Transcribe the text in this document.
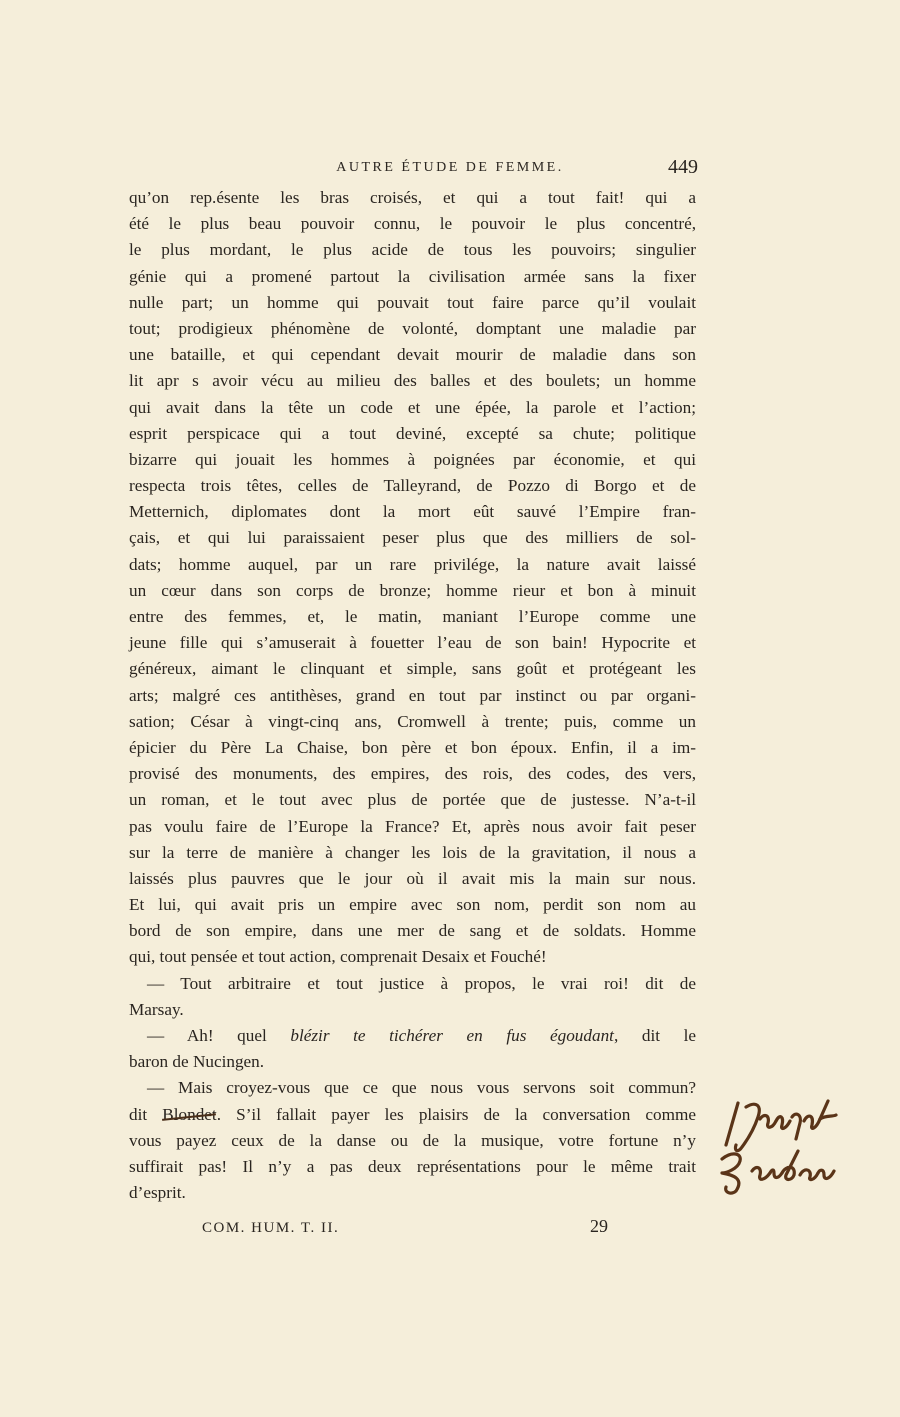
AUTRE ÉTUDE DE FEMME.	449
qu’on rep.ésente les bras croisés, et qui a tout fait! qui a
été le plus beau pouvoir connu, le pouvoir le plus concentré,
le plus mordant, le plus acide de tous les pouvoirs; singulier
génie qui a promené partout la civilisation armée sans la fixer
nulle part; un homme qui pouvait tout faire parce qu’il voulait
tout; prodigieux phénomène de volonté, domptant une maladie par
une bataille, et qui cependant devait mourir de maladie dans son
lit apr s avoir vécu au milieu des balles et des boulets; un homme
qui avait dans la tête un code et une épée, la parole et l’action;
esprit perspicace qui a tout deviné, excepté sa chute; politique
bizarre qui jouait les hommes à poignées par économie, et qui
respecta trois têtes, celles de Talleyrand, de Pozzo di Borgo et de
Metternich, diplomates dont la mort eût sauvé l’Empire fran-
çais, et qui lui paraissaient peser plus que des milliers de sol-
dats; homme auquel, par un rare privilége, la nature avait laissé
un cœur dans son corps de bronze; homme rieur et bon à minuit
entre des femmes, et, le matin, maniant l’Europe comme une
jeune fille qui s’amuserait à fouetter l’eau de son bain! Hypocrite et
généreux, aimant le clinquant et simple, sans goût et protégeant les
arts; malgré ces antithèses, grand en tout par instinct ou par organi-
sation; César à vingt-cinq ans, Cromwell à trente; puis, comme un
épicier du Père La Chaise, bon père et bon époux. Enfin, il a im-
provisé des monuments, des empires, des rois, des codes, des vers,
un roman, et le tout avec plus de portée que de justesse. N’a-t-il
pas voulu faire de l’Europe la France? Et, après nous avoir fait peser
sur la terre de manière à changer les lois de la gravitation, il nous a
laissés plus pauvres que le jour où il avait mis la main sur nous.
Et lui, qui avait pris un empire avec son nom, perdit son nom au
bord de son empire, dans une mer de sang et de soldats. Homme
qui, tout pensée et tout action, comprenait Desaix et Fouché!
— Tout arbitraire et tout justice à propos, le vrai roi! dit de
Marsay.
— Ah! quel blézir te tichérer en fus égoudant, dit le
baron de Nucingen.
— Mais croyez-vous que ce que nous vous servons soit commun?
dit Blondet. S’il fallait payer les plaisirs de la conversation comme
vous payez ceux de la danse ou de la musique, votre fortune n’y
suffirait pas! Il n’y a pas deux représentations pour le même trait
d’esprit.
COM. HUM. T. II.	29
